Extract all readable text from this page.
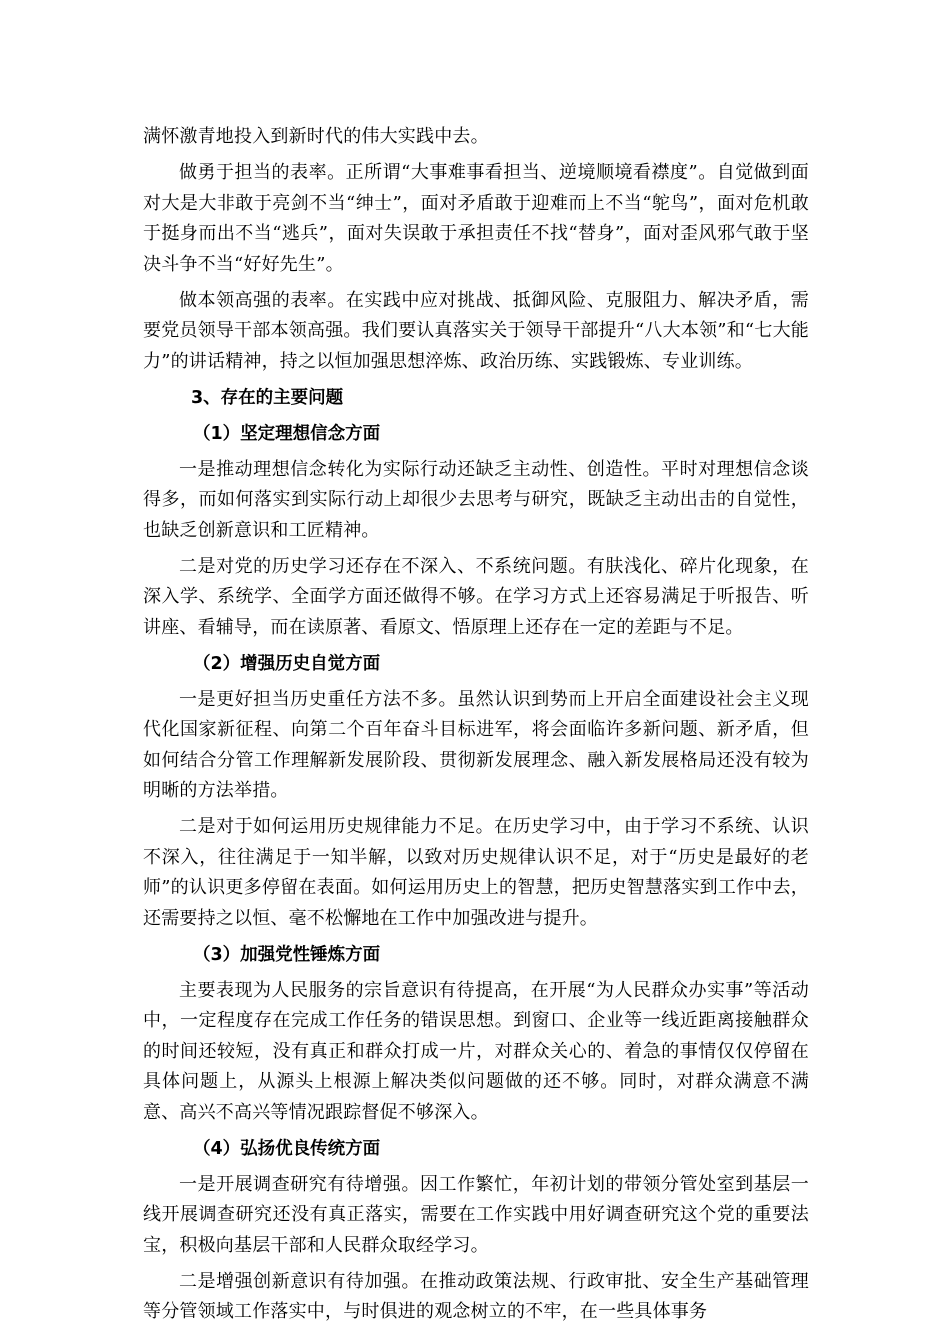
满怀激青地投入到新时代的伟大实践中去。

做勇于担当的表率。正所谓“大事难事看担当、逆境顺境看襟度”。自觉做到面对大是大非敢于亮剑不当“绅士”，面对矛盾敢于迎难而上不当“鸵鸟”，面对危机敢于挺身而出不当“逃兵”，面对失误敢于承担责任不找“替身”，面对歪风邪气敢于坚决斗争不当“好好先生”。

做本领高强的表率。在实践中应对挑战、抵御风险、克服阻力、解决矛盾，需要党员领导干部本领高强。我们要认真落实关于领导干部提升“八大本领”和“七大能力”的讲话精神，持之以恒加强思想淬炼、政治历练、实践锻炼、专业训练。

3、存在的主要问题
（1）坚定理想信念方面

一是推动理想信念转化为实际行动还缺乏主动性、创造性。平时对理想信念谈得多，而如何落实到实际行动上却很少去思考与研究，既缺乏主动出击的自觉性，也缺乏创新意识和工匠精神。

二是对党的历史学习还存在不深入、不系统问题。有肤浅化、碎片化现象，在深入学、系统学、全面学方面还做得不够。在学习方式上还容易满足于听报告、听讲座、看辅导，而在读原著、看原文、悟原理上还存在一定的差距与不足。

（2）增强历史自觉方面

一是更好担当历史重任方法不多。虽然认识到势而上开启全面建设社会主义现代化国家新征程、向第二个百年奋斗目标进军，将会面临许多新问题、新矛盾，但如何结合分管工作理解新发展阶段、贯彻新发展理念、融入新发展格局还没有较为明晰的方法举措。

二是对于如何运用历史规律能力不足。在历史学习中，由于学习不系统、认识不深入，往往满足于一知半解，以致对历史规律认识不足，对于“历史是最好的老师”的认识更多停留在表面。如何运用历史上的智慧，把历史智慧落实到工作中去，还需要持之以恒、毫不松懈地在工作中加强改进与提升。

（3）加强党性锤炼方面

主要表现为人民服务的宗旨意识有待提高，在开展“为人民群众办实事”等活动中，一定程度存在完成工作任务的错误思想。到窗口、企业等一线近距离接触群众的时间还较短，没有真正和群众打成一片，对群众关心的、着急的事情仅仅停留在具体问题上，从源头上根源上解决类似问题做的还不够。同时，对群众满意不满意、高兴不高兴等情况跟踪督促不够深入。

（4）弘扬优良传统方面

一是开展调查研究有待增强。因工作繁忙，年初计划的带领分管处室到基层一线开展调查研究还没有真正落实，需要在工作实践中用好调查研究这个党的重要法宝，积极向基层干部和人民群众取经学习。

二是增强创新意识有待加强。在推动政策法规、行政审批、安全生产基础管理等分管领域工作落实中，与时俱进的观念树立的不牢，在一些具体事务
